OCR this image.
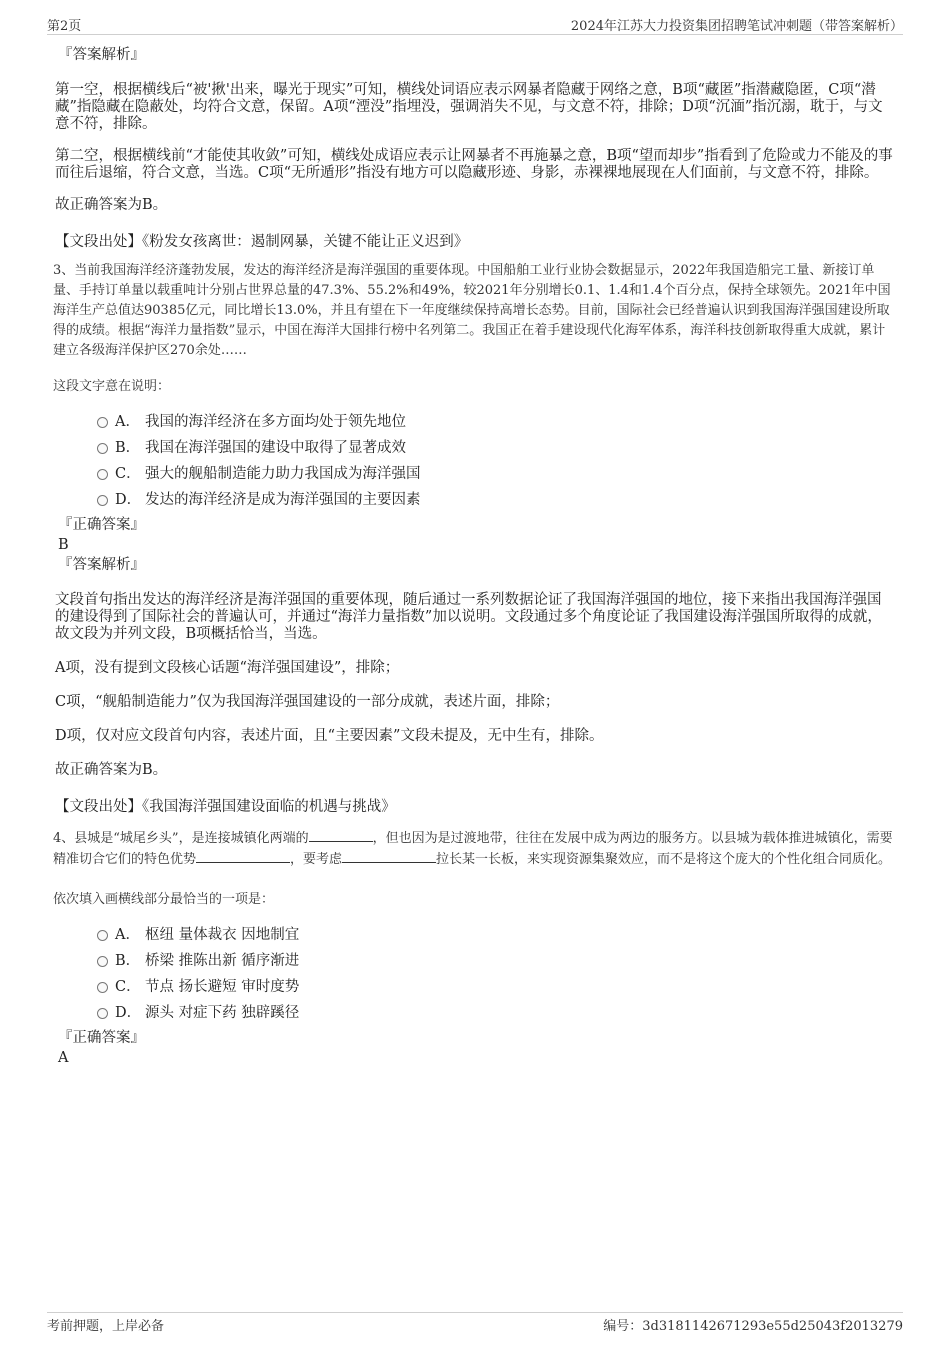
第2页	2024年江苏大力投资集团招聘笔试冲刺题（带答案解析）
『答案解析』

第一空，根据横线后“被'揪'出来，曝光于现实”可知，横线处词语应表示网暴者隐藏于网络之意，B项“藏匿”指潜藏隐匿，C项“潜藏”指隐藏在隐蔽处，均符合文意，保留。A项“湮没”指埋没，强调消失不见，与文意不符，排除；D项“沉湎”指沉溺，耽于，与文意不符，排除。

第二空，根据横线前“才能使其收敛”可知，横线处成语应表示让网暴者不再施暴之意，B项“望而却步”指看到了危险或力不能及的事而往后退缩，符合文意，当选。C项“无所遁形”指没有地方可以隐藏形迹、身影，赤裸裸地展现在人们面前，与文意不符，排除。

故正确答案为B。

【文段出处】《粉发女孩离世：遏制网暴，关键不能让正义迟到》

3、当前我国海洋经济蓬勃发展，发达的海洋经济是海洋强国的重要体现。中国船舶工业行业协会数据显示，2022年我国造船完工量、新接订单量、手持订单量以载重吨计分别占世界总量的47.3%、55.2%和49%，较2021年分别增长0.1、1.4和1.4个百分点，保持全球领先。2021年中国海洋生产总值达90385亿元，同比增长13.0%，并且有望在下一年度继续保持高增长态势。目前，国际社会已经普遍认识到我国海洋强国建设所取得的成绩。根据“海洋力量指数”显示，中国在海洋大国排行榜中名列第二。我国正在着手建设现代化海军体系，海洋科技创新取得重大成就，累计建立各级海洋保护区270余处……

这段文字意在说明：

A． 我国的海洋经济在多方面均处于领先地位
B． 我国在海洋强国的建设中取得了显著成效
C． 强大的舰船制造能力助力我国成为海洋强国
D． 发达的海洋经济是成为海洋强国的主要因素
『正确答案』
B
『答案解析』

文段首句指出发达的海洋经济是海洋强国的重要体现，随后通过一系列数据论证了我国海洋强国的地位，接下来指出我国海洋强国的建设得到了国际社会的普遍认可，并通过“海洋力量指数”加以说明。文段通过多个角度论证了我国建设海洋强国所取得的成就，故文段为并列文段，B项概括恰当，当选。

A项，没有提到文段核心话题“海洋强国建设”，排除；

C项，“舰船制造能力”仅为我国海洋强国建设的一部分成就，表述片面，排除；

D项，仅对应文段首句内容，表述片面，且“主要因素”文段未提及，无中生有，排除。

故正确答案为B。

【文段出处】《我国海洋强国建设面临的机遇与挑战》

4、县城是“城尾乡头”，是连接城镇化两端的	，但也因为是过渡地带，往往在发展中成为两边的服务方。以县城为载体推进城镇化，需要精准切合它们的特色优势	，要考虑	拉长某一长板，来实现资源集聚效应，而不是将这个庞大的个性化组合同质化。

依次填入画横线部分最恰当的一项是：

A． 枢纽 量体裁衣 因地制宜
B． 桥梁 推陈出新 循序渐进
C． 节点 扬长避短 审时度势
D． 源头 对症下药 独辟蹊径
『正确答案』
A
考前押题，上岸必备	编号：3d3181142671293e55d25043f2013279
